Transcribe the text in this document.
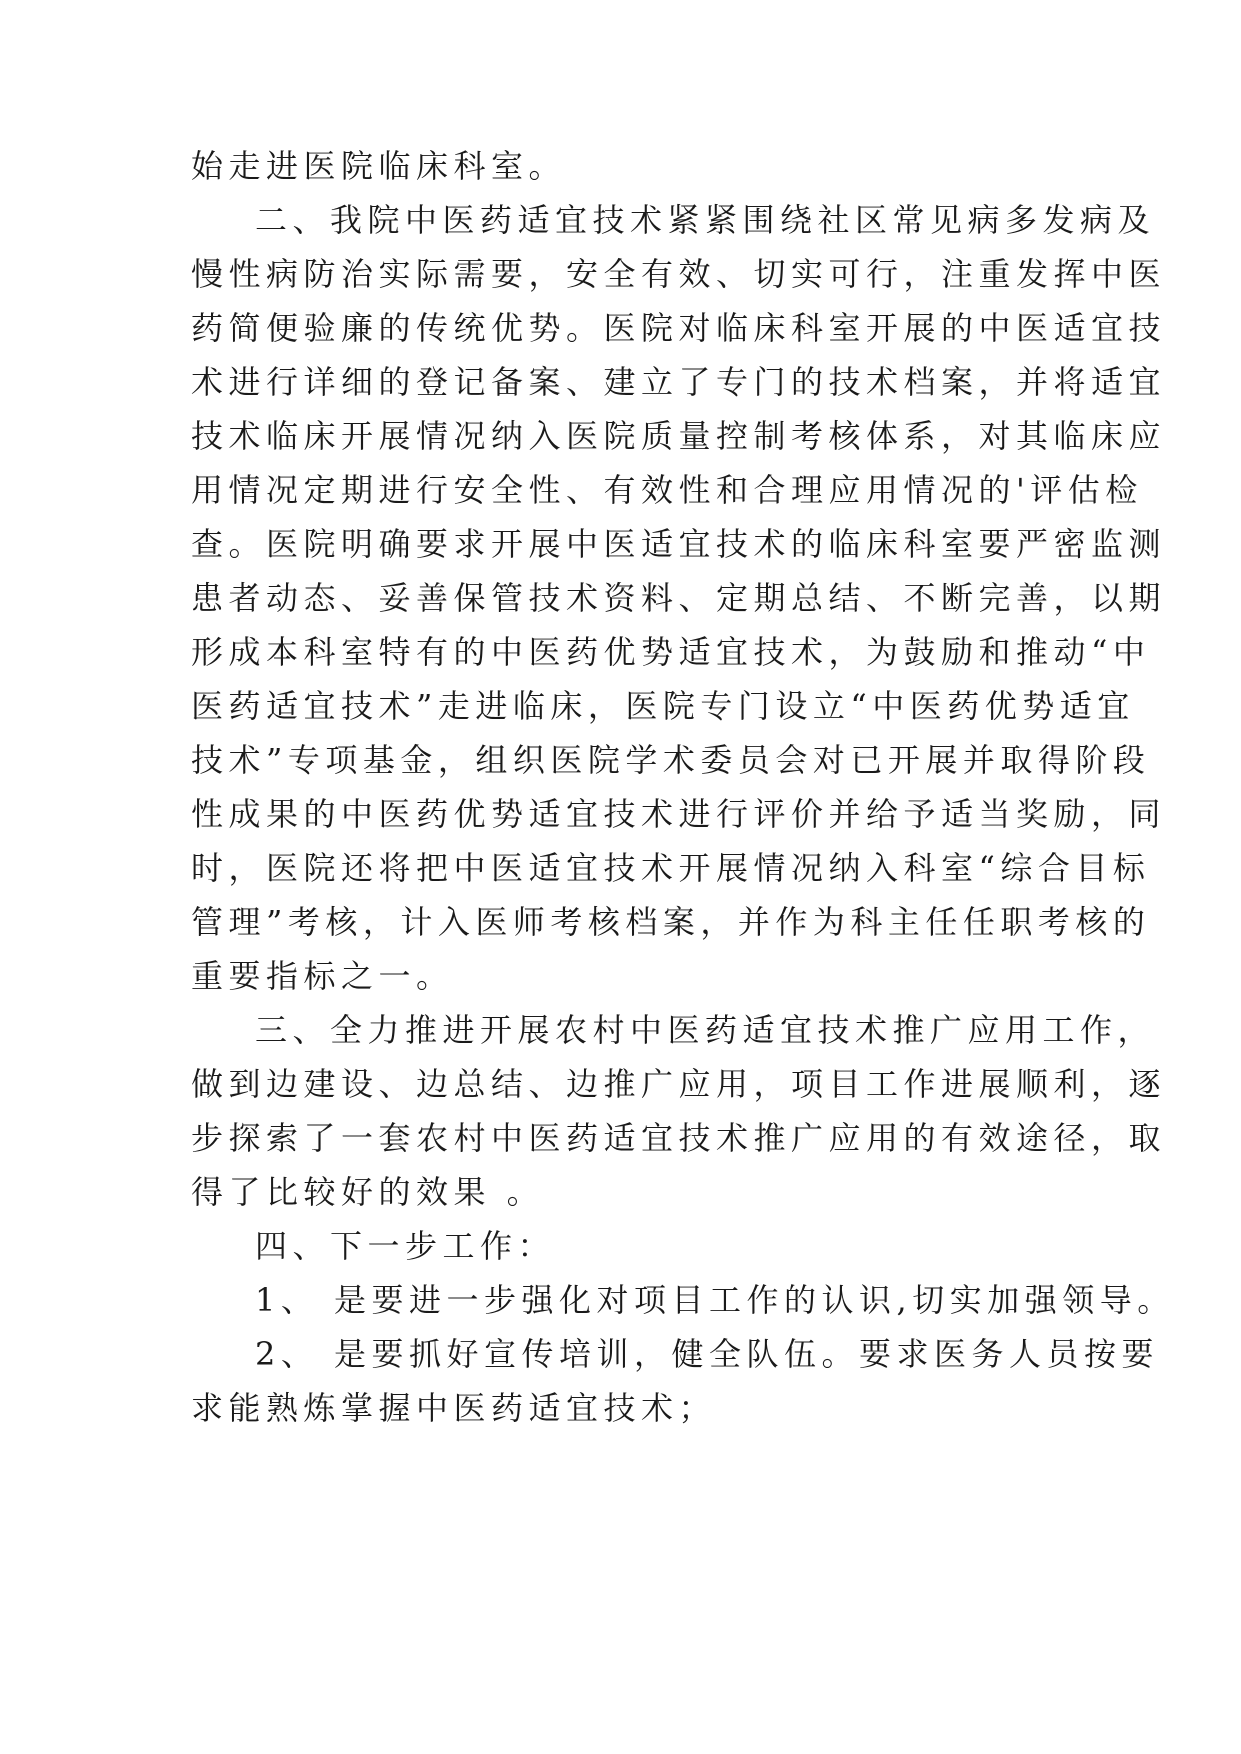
始走进医院临床科室。
二、我院中医药适宜技术紧紧围绕社区常见病多发病及
慢性病防治实际需要，安全有效、切实可行，注重发挥中医
药简便验廉的传统优势。医院对临床科室开展的中医适宜技
术进行详细的登记备案、建立了专门的技术档案，并将适宜
技术临床开展情况纳入医院质量控制考核体系，对其临床应
用情况定期进行安全性、有效性和合理应用情况的'评估检
查。医院明确要求开展中医适宜技术的临床科室要严密监测
患者动态、妥善保管技术资料、定期总结、不断完善，以期
形成本科室特有的中医药优势适宜技术，为鼓励和推动“中
医药适宜技术”走进临床，医院专门设立“中医药优势适宜
技术”专项基金，组织医院学术委员会对已开展并取得阶段
性成果的中医药优势适宜技术进行评价并给予适当奖励，同
时，医院还将把中医适宜技术开展情况纳入科室“综合目标
管理”考核，计入医师考核档案，并作为科主任任职考核的
重要指标之一。
三、全力推进开展农村中医药适宜技术推广应用工作，
做到边建设、边总结、边推广应用，项目工作进展顺利，逐
步探索了一套农村中医药适宜技术推广应用的有效途径，取
得了比较好的效果 。
四、下一步工作：
1、 是要进一步强化对项目工作的认识,切实加强领导。
2、 是要抓好宣传培训，健全队伍。要求医务人员按要
求能熟炼掌握中医药适宜技术；
